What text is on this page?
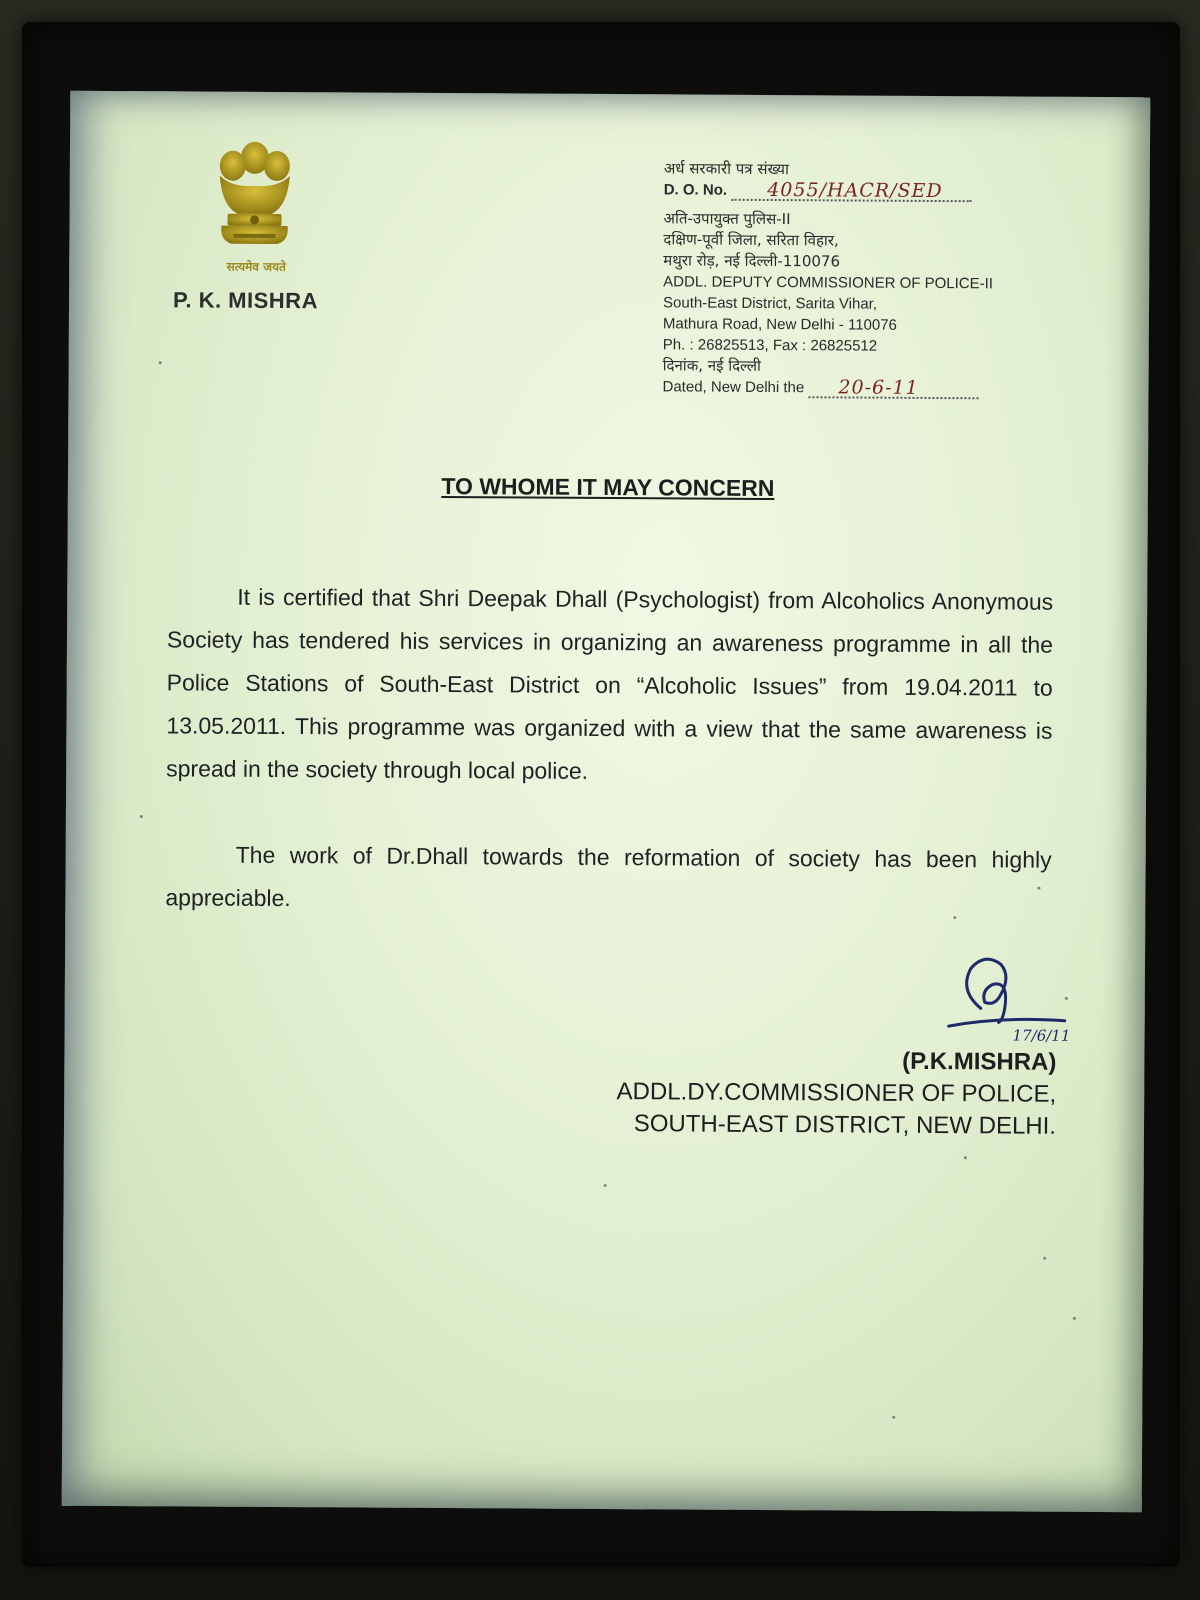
सत्यमेव जयते
P. K. MISHRA
अर्ध सरकारी पत्र संख्या
D. O. No. 4055/HACR/SED
अति-उपायुक्त पुलिस-II
दक्षिण-पूर्वी जिला, सरिता विहार,
मथुरा रोड़, नई दिल्ली-110076
ADDL. DEPUTY COMMISSIONER OF POLICE-II
South-East District, Sarita Vihar,
Mathura Road, New Delhi - 110076
Ph. : 26825513, Fax : 26825512
दिनांक, नई दिल्ली
Dated, New Delhi the 20-6-11
TO WHOME IT MAY CONCERN
It is certified that Shri Deepak Dhall (Psychologist) from Alcoholics Anonymous Society has tendered his services in organizing an awareness programme in all the Police Stations of South-East District on “Alcoholic Issues” from 19.04.2011 to 13.05.2011. This programme was organized with a view that the same awareness is spread in the society through local police.
The work of Dr.Dhall towards the reformation of society has been highly appreciable.
17/6/11
(P.K.MISHRA)
ADDL.DY.COMMISSIONER OF POLICE,
SOUTH-EAST DISTRICT, NEW DELHI.
